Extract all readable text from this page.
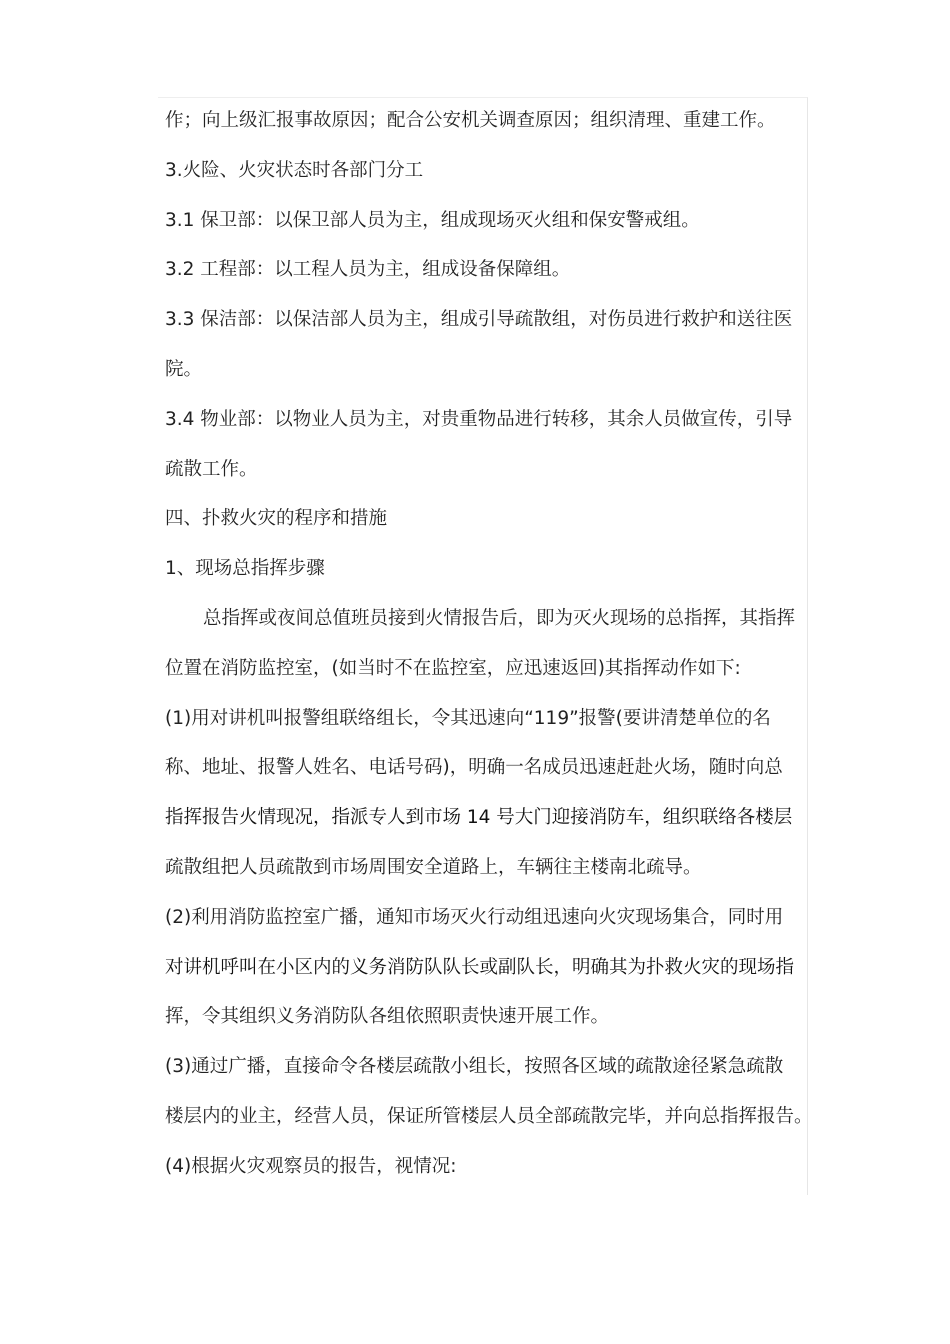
作；向上级汇报事故原因；配合公安机关调查原因；组织清理、重建工作。
3.火险、火灾状态时各部门分工
3.1 保卫部：以保卫部人员为主，组成现场灭火组和保安警戒组。
3.2 工程部：以工程人员为主，组成设备保障组。
3.3 保洁部：以保洁部人员为主，组成引导疏散组，对伤员进行救护和送往医
院。
3.4 物业部：以物业人员为主，对贵重物品进行转移，其余人员做宣传，引导
疏散工作。
四、扑救火灾的程序和措施
1、现场总指挥步骤
总指挥或夜间总值班员接到火情报告后，即为灭火现场的总指挥，其指挥
位置在消防监控室，(如当时不在监控室，应迅速返回)其指挥动作如下:
(1)用对讲机叫报警组联络组长，令其迅速向“119”报警(要讲清楚单位的名
称、地址、报警人姓名、电话号码)，明确一名成员迅速赶赴火场，随时向总
指挥报告火情现况，指派专人到市场 14 号大门迎接消防车，组织联络各楼层
疏散组把人员疏散到市场周围安全道路上，车辆往主楼南北疏导。
(2)利用消防监控室广播，通知市场灭火行动组迅速向火灾现场集合，同时用
对讲机呼叫在小区内的义务消防队队长或副队长，明确其为扑救火灾的现场指
挥，令其组织义务消防队各组依照职责快速开展工作。
(3)通过广播，直接命令各楼层疏散小组长，按照各区域的疏散途径紧急疏散
楼层内的业主，经营人员，保证所管楼层人员全部疏散完毕，并向总指挥报告。
(4)根据火灾观察员的报告，视情况:
